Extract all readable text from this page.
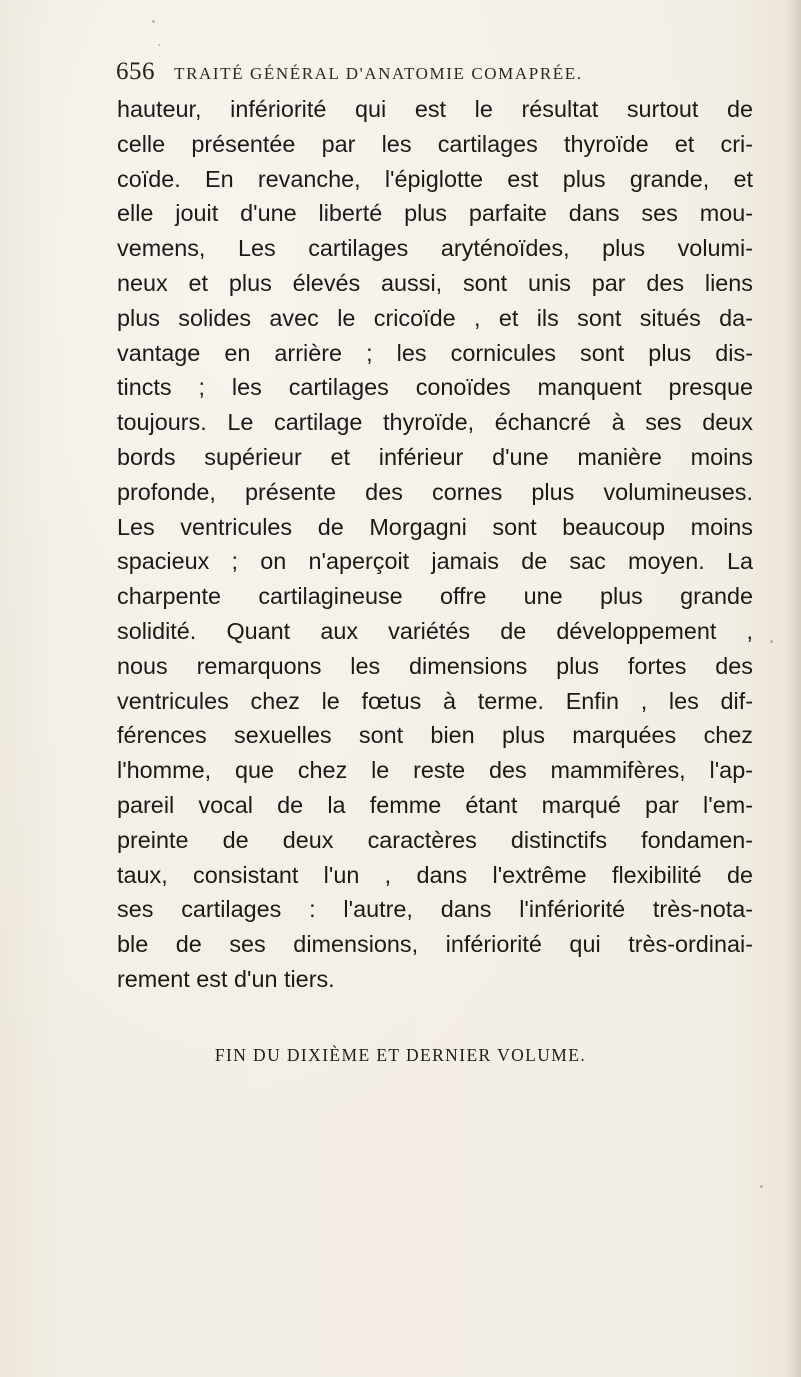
656 TRAITÉ GÉNÉRAL D'ANATOMIE COMAPRÉE.
hauteur, infériorité qui est le résultat surtout de
celle présentée par les cartilages thyroïde et cri-
coïde. En revanche, l'épiglotte est plus grande, et
elle jouit d'une liberté plus parfaite dans ses mou-
vemens, Les cartilages aryténoïdes, plus volumi-
neux et plus élevés aussi, sont unis par des liens
plus solides avec le cricoïde , et ils sont situés da-
vantage en arrière ; les cornicules sont plus dis-
tincts ; les cartilages conoïdes manquent presque
toujours. Le cartilage thyroïde, échancré à ses deux
bords supérieur et inférieur d'une manière moins
profonde, présente des cornes plus volumineuses.
Les ventricules de Morgagni sont beaucoup moins
spacieux ; on n'aperçoit jamais de sac moyen. La
charpente cartilagineuse offre une plus grande
solidité. Quant aux variétés de développement ,
nous remarquons les dimensions plus fortes des
ventricules chez le fœtus à terme. Enfin , les dif-
férences sexuelles sont bien plus marquées chez
l'homme, que chez le reste des mammifères, l'ap-
pareil vocal de la femme étant marqué par l'em-
preinte de deux caractères distinctifs fondamen-
taux, consistant l'un , dans l'extrême flexibilité de
ses cartilages : l'autre, dans l'infériorité très-nota-
ble de ses dimensions, infériorité qui très-ordinai-
rement est d'un tiers.
FIN DU DIXIÈME ET DERNIER VOLUME.
